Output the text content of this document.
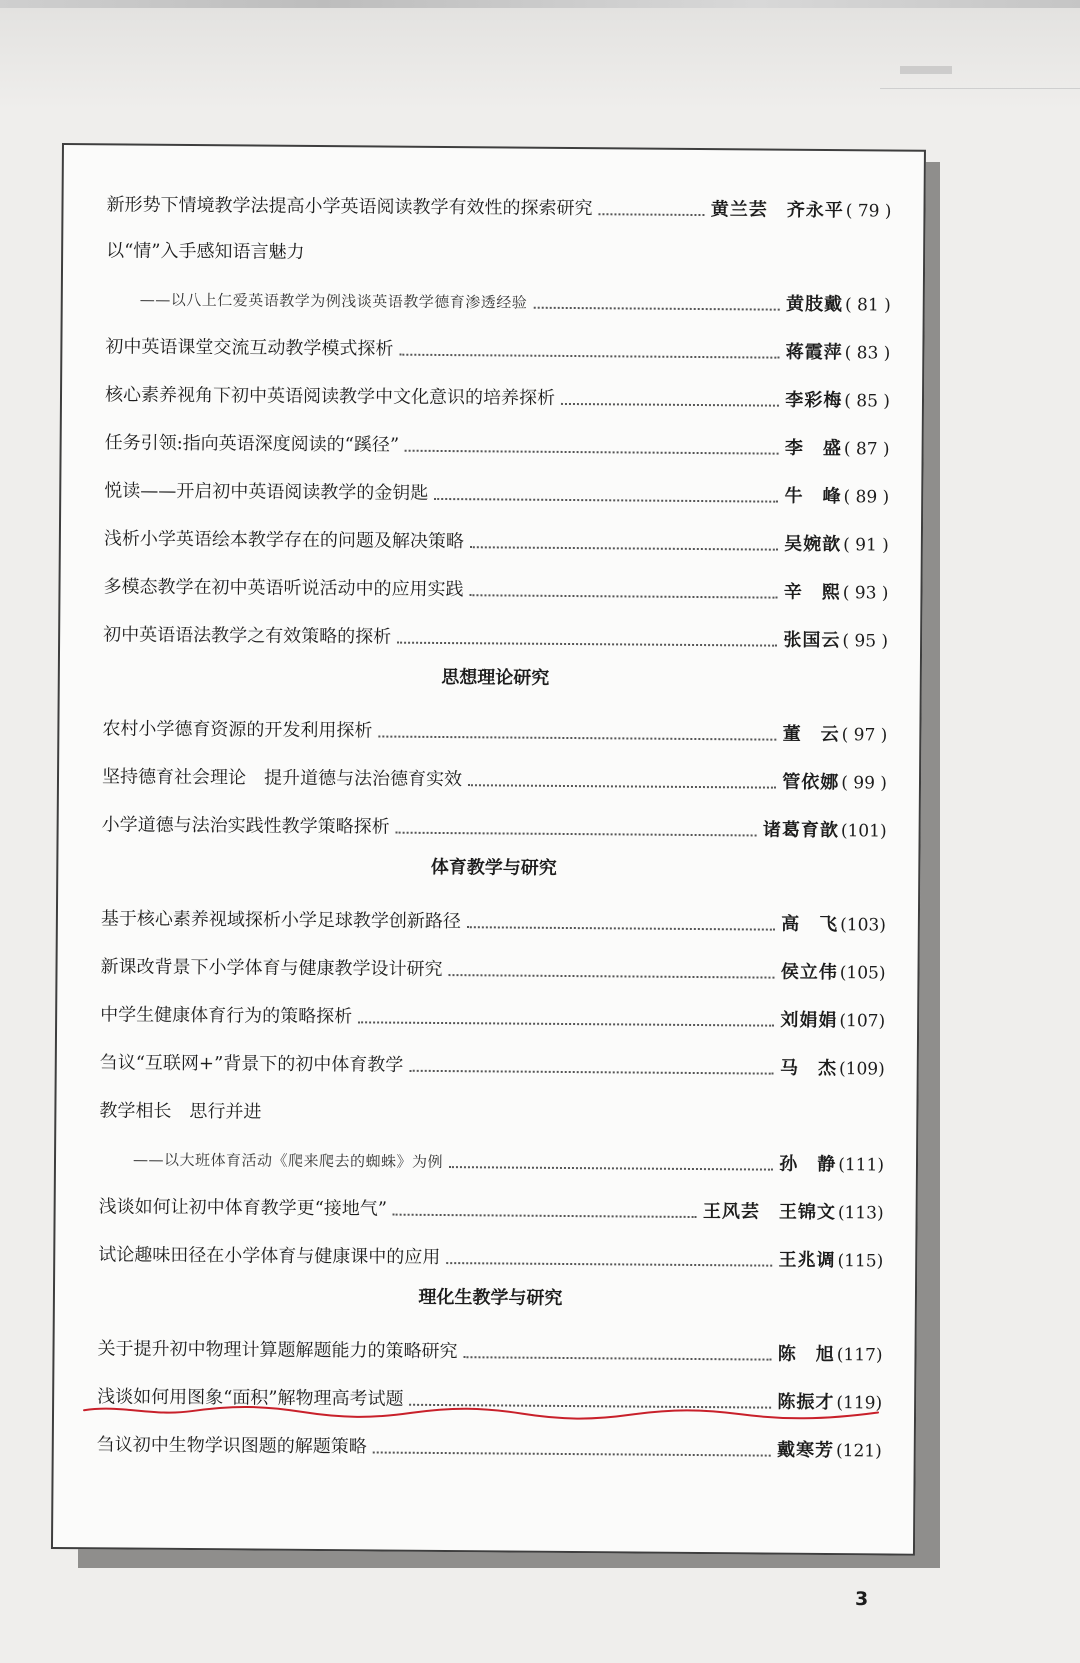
新形势下情境教学法提高小学英语阅读教学有效性的探索研究	黄兰芸　齐永平 ( 79 )
以“情”入手感知语言魅力
——以八上仁爱英语教学为例浅谈英语教学德育渗透经验	黄肢戴 ( 81 )
初中英语课堂交流互动教学模式探析	蒋霞萍 ( 83 )
核心素养视角下初中英语阅读教学中文化意识的培养探析	李彩梅 ( 85 )
任务引领:指向英语深度阅读的“蹊径”	李　盛 ( 87 )
悦读——开启初中英语阅读教学的金钥匙	牛　峰 ( 89 )
浅析小学英语绘本教学存在的问题及解决策略	吴婉歆 ( 91 )
多模态教学在初中英语听说活动中的应用实践	辛　熙 ( 93 )
初中英语语法教学之有效策略的探析	张国云 ( 95 )
思想理论研究
农村小学德育资源的开发利用探析	董　云 ( 97 )
坚持德育社会理论　提升道德与法治德育实效	管依娜 ( 99 )
小学道德与法治实践性教学策略探析	诸葛育歆 (101)
体育教学与研究
基于核心素养视域探析小学足球教学创新路径	高　飞 (103)
新课改背景下小学体育与健康教学设计研究	侯立伟 (105)
中学生健康体育行为的策略探析	刘娟娟 (107)
刍议“互联网+”背景下的初中体育教学	马　杰 (109)
教学相长　思行并进
——以大班体育活动《爬来爬去的蜘蛛》为例	孙　静 (111)
浅谈如何让初中体育教学更“接地气”	王风芸　王锦文 (113)
试论趣味田径在小学体育与健康课中的应用	王兆调 (115)
理化生教学与研究
关于提升初中物理计算题解题能力的策略研究	陈　旭 (117)
浅谈如何用图象“面积”解物理高考试题	陈振才 (119)
刍议初中生物学识图题的解题策略	戴寒芳 (121)
3
